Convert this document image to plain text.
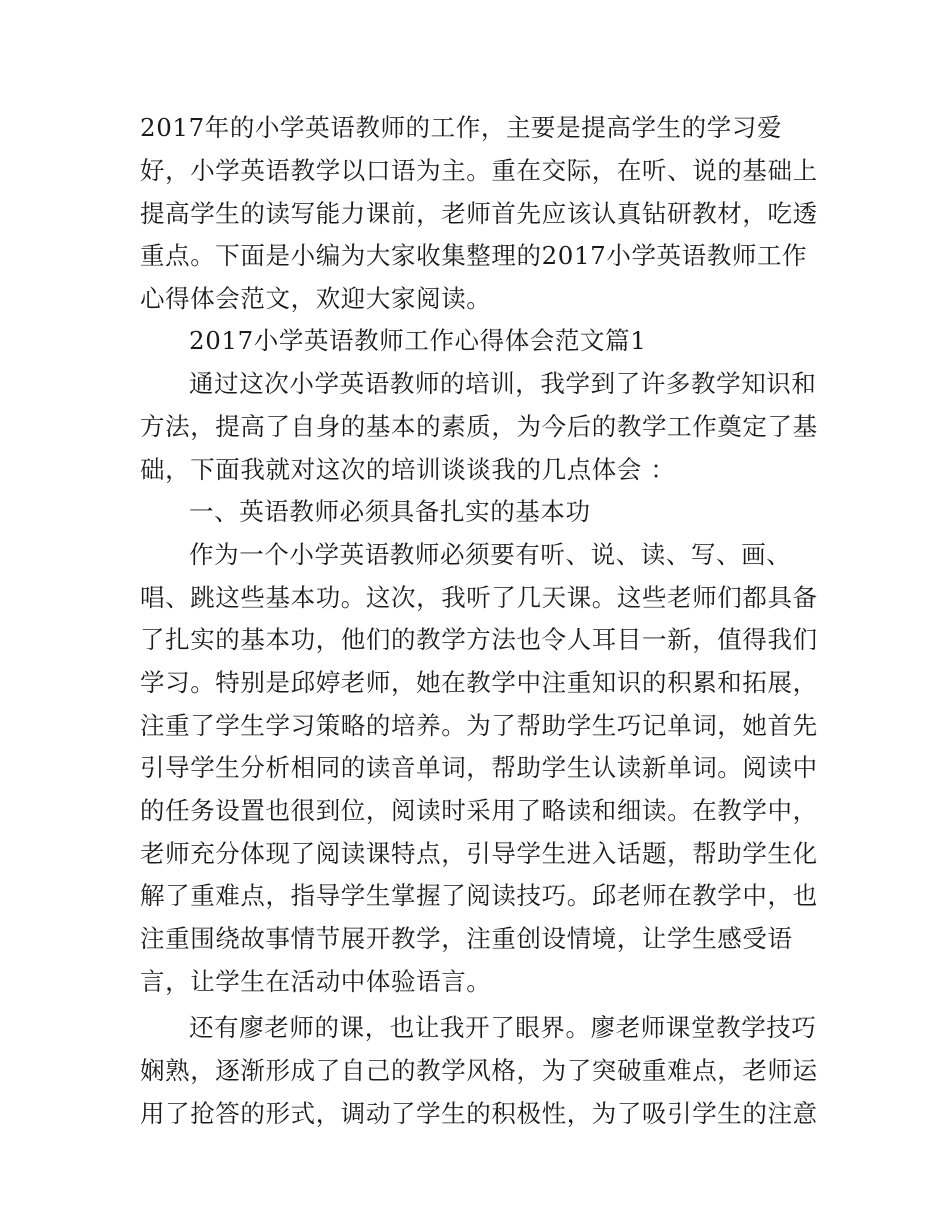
2017年的小学英语教师的工作，主要是提高学生的学习爱
好，小学英语教学以口语为主。重在交际，在听、说的基础上
提高学生的读写能力课前，老师首先应该认真钻研教材，吃透
重点。下面是小编为大家收集整理的2017小学英语教师工作
心得体会范文，欢迎大家阅读。
2017小学英语教师工作心得体会范文篇1
通过这次小学英语教师的培训，我学到了许多教学知识和
方法，提高了自身的基本的素质，为今后的教学工作奠定了基
础，下面我就对这次的培训谈谈我的几点体会 ：
一、英语教师必须具备扎实的基本功
作为一个小学英语教师必须要有听、说、读、写、画、
唱、跳这些基本功。这次，我听了几天课。这些老师们都具备
了扎实的基本功，他们的教学方法也令人耳目一新，值得我们
学习。特别是邱婷老师，她在教学中注重知识的积累和拓展，
注重了学生学习策略的培养。为了帮助学生巧记单词，她首先
引导学生分析相同的读音单词，帮助学生认读新单词。阅读中
的任务设置也很到位，阅读时采用了略读和细读。在教学中，
老师充分体现了阅读课特点，引导学生进入话题，帮助学生化
解了重难点，指导学生掌握了阅读技巧。邱老师在教学中，也
注重围绕故事情节展开教学，注重创设情境，让学生感受语
言，让学生在活动中体验语言。
还有廖老师的课，也让我开了眼界。廖老师课堂教学技巧
娴熟，逐渐形成了自己的教学风格，为了突破重难点，老师运
用了抢答的形式，调动了学生的积极性，为了吸引学生的注意
